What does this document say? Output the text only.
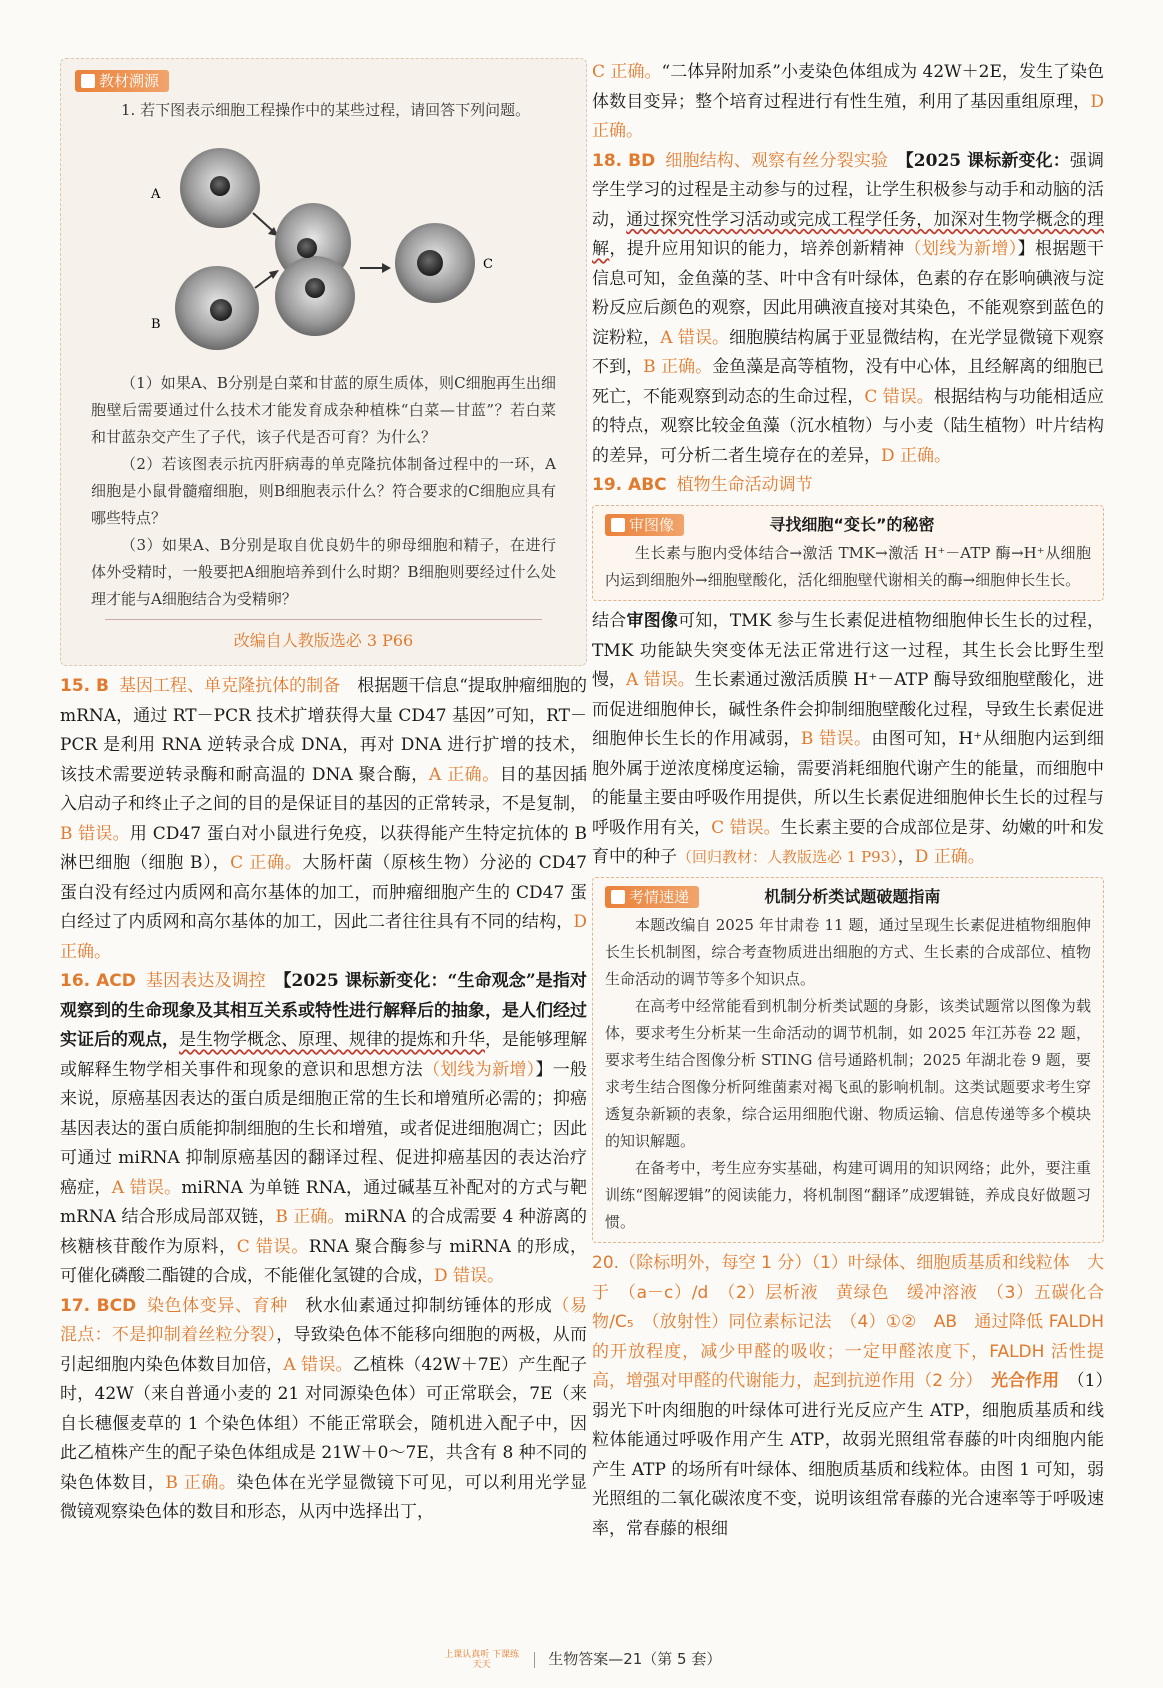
教材溯源

1. 若下图表示细胞工程操作中的某些过程，请回答下列问题。

A
B
C

（1）如果A、B分别是白菜和甘蓝的原生质体，则C细胞再生出细胞壁后需要通过什么技术才能发育成杂种植株“白菜—甘蓝”？若白菜和甘蓝杂交产生了子代，该子代是否可育？为什么？

（2）若该图表示抗丙肝病毒的单克隆抗体制备过程中的一环，A细胞是小鼠骨髓瘤细胞，则B细胞表示什么？符合要求的C细胞应具有哪些特点？

（3）如果A、B分别是取自优良奶牛的卵母细胞和精子，在进行体外受精时，一般要把A细胞培养到什么时期？B细胞则要经过什么处理才能与A细胞结合为受精卵？

改编自人教版选必 3 P66

15. B 基因工程、单克隆抗体的制备　 根据题干信息“提取肿瘤细胞的 mRNA，通过 RT－PCR 技术扩增获得大量 CD47 基因”可知，RT－PCR 是利用 RNA 逆转录合成 DNA，再对 DNA 进行扩增的技术，该技术需要逆转录酶和耐高温的 DNA 聚合酶，A 正确。目的基因插入启动子和终止子之间的目的是保证目的基因的正常转录，不是复制，B 错误。用 CD47 蛋白对小鼠进行免疫，以获得能产生特定抗体的 B 淋巴细胞（细胞 B），C 正确。大肠杆菌（原核生物）分泌的 CD47 蛋白没有经过内质网和高尔基体的加工，而肿瘤细胞产生的 CD47 蛋白经过了内质网和高尔基体的加工，因此二者往往具有不同的结构，D 正确。

16. ACD 基因表达及调控　 【2025 课标新变化：“生命观念”是指对观察到的生命现象及其相互关系或特性进行解释后的抽象，是人们经过实证后的观点，是生物学概念、原理、规律的提炼和升华，是能够理解或解释生物学相关事件和现象的意识和思想方法（划线为新增）】一般来说，原癌基因表达的蛋白质是细胞正常的生长和增殖所必需的；抑癌基因表达的蛋白质能抑制细胞的生长和增殖，或者促进细胞凋亡；因此可通过 miRNA 抑制原癌基因的翻译过程、促进抑癌基因的表达治疗癌症，A 错误。miRNA 为单链 RNA，通过碱基互补配对的方式与靶 mRNA 结合形成局部双链，B 正确。miRNA 的合成需要 4 种游离的核糖核苷酸作为原料，C 错误。RNA 聚合酶参与 miRNA 的形成，可催化磷酸二酯键的合成，不能催化氢键的合成，D 错误。

17. BCD 染色体变异、育种　 秋水仙素通过抑制纺锤体的形成（易混点：不是抑制着丝粒分裂），导致染色体不能移向细胞的两极，从而引起细胞内染色体数目加倍，A 错误。乙植株（42W＋7E）产生配子时，42W（来自普通小麦的 21 对同源染色体）可正常联会，7E（来自长穗偃麦草的 1 个染色体组）不能正常联会，随机进入配子中，因此乙植株产生的配子染色体组成是 21W＋0～7E，共含有 8 种不同的染色体数目，B 正确。染色体在光学显微镜下可见，可以利用光学显微镜观察染色体的数目和形态，从丙中选择出丁，

C 正确。“二体异附加系”小麦染色体组成为 42W＋2E，发生了染色体数目变异；整个培育过程进行有性生殖，利用了基因重组原理，D 正确。

18. BD 细胞结构、观察有丝分裂实验　 【2025 课标新变化：强调学生学习的过程是主动参与的过程，让学生积极参与动手和动脑的活动，通过探究性学习活动或完成工程学任务，加深对生物学概念的理解，提升应用知识的能力，培养创新精神（划线为新增）】根据题干信息可知，金鱼藻的茎、叶中含有叶绿体，色素的存在影响碘液与淀粉反应后颜色的观察，因此用碘液直接对其染色，不能观察到蓝色的淀粉粒，A 错误。细胞膜结构属于亚显微结构，在光学显微镜下观察不到，B 正确。金鱼藻是高等植物，没有中心体，且经解离的细胞已死亡，不能观察到动态的生命过程，C 错误。根据结构与功能相适应的特点，观察比较金鱼藻（沉水植物）与小麦（陆生植物）叶片结构的差异，可分析二者生境存在的差异，D 正确。

19. ABC 植物生命活动调节

审图像	寻找细胞“变长”的秘密

生长素与胞内受体结合→激活 TMK→激活 H⁺－ATP 酶→H⁺从细胞内运到细胞外→细胞壁酸化，活化细胞壁代谢相关的酶→细胞伸长生长。

结合审图像可知，TMK 参与生长素促进植物细胞伸长生长的过程，TMK 功能缺失突变体无法正常进行这一过程，其生长会比野生型慢，A 错误。生长素通过激活质膜 H⁺－ATP 酶导致细胞壁酸化，进而促进细胞伸长，碱性条件会抑制细胞壁酸化过程，导致生长素促进细胞伸长生长的作用减弱，B 错误。由图可知，H⁺从细胞内运到细胞外属于逆浓度梯度运输，需要消耗细胞代谢产生的能量，而细胞中的能量主要由呼吸作用提供，所以生长素促进细胞伸长生长的过程与呼吸作用有关，C 错误。生长素主要的合成部位是芽、幼嫩的叶和发育中的种子（回归教材：人教版选必 1 P93），D 正确。

考情速递	机制分析类试题破题指南

本题改编自 2025 年甘肃卷 11 题，通过呈现生长素促进植物细胞伸长生长机制图，综合考查物质进出细胞的方式、生长素的合成部位、植物生命活动的调节等多个知识点。

在高考中经常能看到机制分析类试题的身影，该类试题常以图像为载体，要求考生分析某一生命活动的调节机制，如 2025 年江苏卷 22 题，要求考生结合图像分析 STING 信号通路机制；2025 年湖北卷 9 题，要求考生结合图像分析阿维菌素对褐飞虱的影响机制。这类试题要求考生穿透复杂新颖的表象，综合运用细胞代谢、物质运输、信息传递等多个模块的知识解题。

在备考中，考生应夯实基础，构建可调用的知识网络；此外，要注重训练“图解逻辑”的阅读能力，将机制图“翻译”成逻辑链，养成良好做题习惯。

20.（除标明外，每空 1 分）（1）叶绿体、细胞质基质和线粒体　大于　（a－c）/d　（2）层析液　黄绿色　缓冲溶液　（3）五碳化合物/C₅　（放射性）同位素标记法　（4）①②　AB　通过降低 FALDH 的开放程度，减少甲醛的吸收；一定甲醛浓度下，FALDH 活性提高，增强对甲醛的代谢能力，起到抗逆作用（2 分）　 光合作用　 （1）弱光下叶肉细胞的叶绿体可进行光反应产生 ATP，细胞质基质和线粒体能通过呼吸作用产生 ATP，故弱光照组常春藤的叶肉细胞内能产生 ATP 的场所有叶绿体、细胞质基质和线粒体。由图 1 可知，弱光照组的二氧化碳浓度不变，说明该组常春藤的光合速率等于呼吸速率，常春藤的根细

上课认真听 下课练天天	生物答案—21（第 5 套）
